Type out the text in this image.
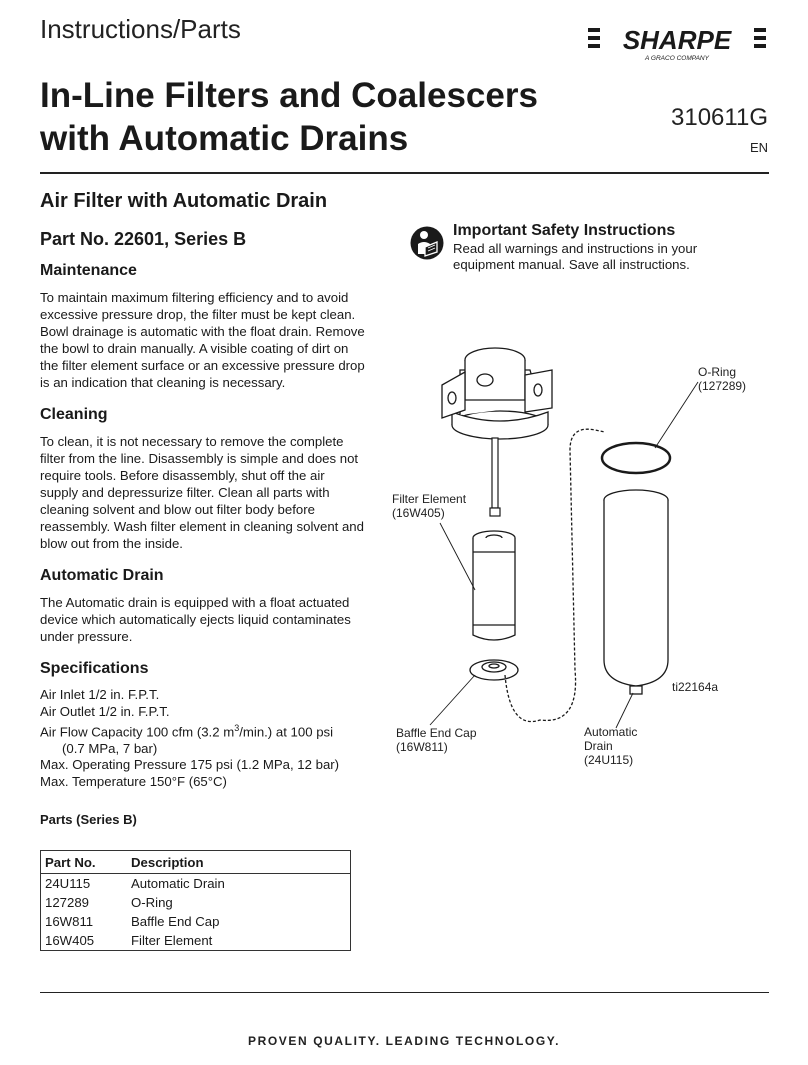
Instructions/Parts	SHARPE
A GRACO COMPANY
In-Line Filters and Coalescers
with Automatic Drains
310611G
EN
Air Filter with Automatic Drain
Part No. 22601, Series B
Maintenance

To maintain maximum filtering efficiency and to avoid excessive pressure drop, the filter must be kept clean. Bowl drainage is automatic with the float drain. Remove the bowl to drain manually. A visible coating of dirt on the filter element surface or an excessive pressure drop is an indication that cleaning is necessary.

Cleaning

To clean, it is not necessary to remove the complete filter from the line. Disassembly is simple and does not require tools. Before disassembly, shut off the air supply and depressurize filter. Clean all parts with cleaning solvent and blow out filter body before reassembly. Wash filter element in cleaning solvent and blow out from the inside.

Automatic Drain

The Automatic drain is equipped with a float actuated device which automatically ejects liquid contaminates under pressure.

Specifications
Air Inlet 1/2 in. F.P.T.
Air Outlet 1/2 in. F.P.T.
Air Flow Capacity 100 cfm (3.2 $m^3/\min$.) at 100 psi
(0.7 MPa, 7 bar)
Max. Operating Pressure 175 psi (1.2 MPa, 12 bar)
Max. Temperature 150°F (65°C)
Parts (Series B)
Part No.	Description
24U115	Automatic Drain
127289	O-Ring
16W811	Baffle End Cap
16W405	Filter Element
Important Safety Instructions
Read all warnings and instructions in your equipment manual. Save all instructions.
O-Ring
(127289)
Filter Element
(16W405)
Baffle End Cap
(16W811)
Automatic
Drain
(24U115)
ti22164a
PROVEN QUALITY. LEADING TECHNOLOGY.
